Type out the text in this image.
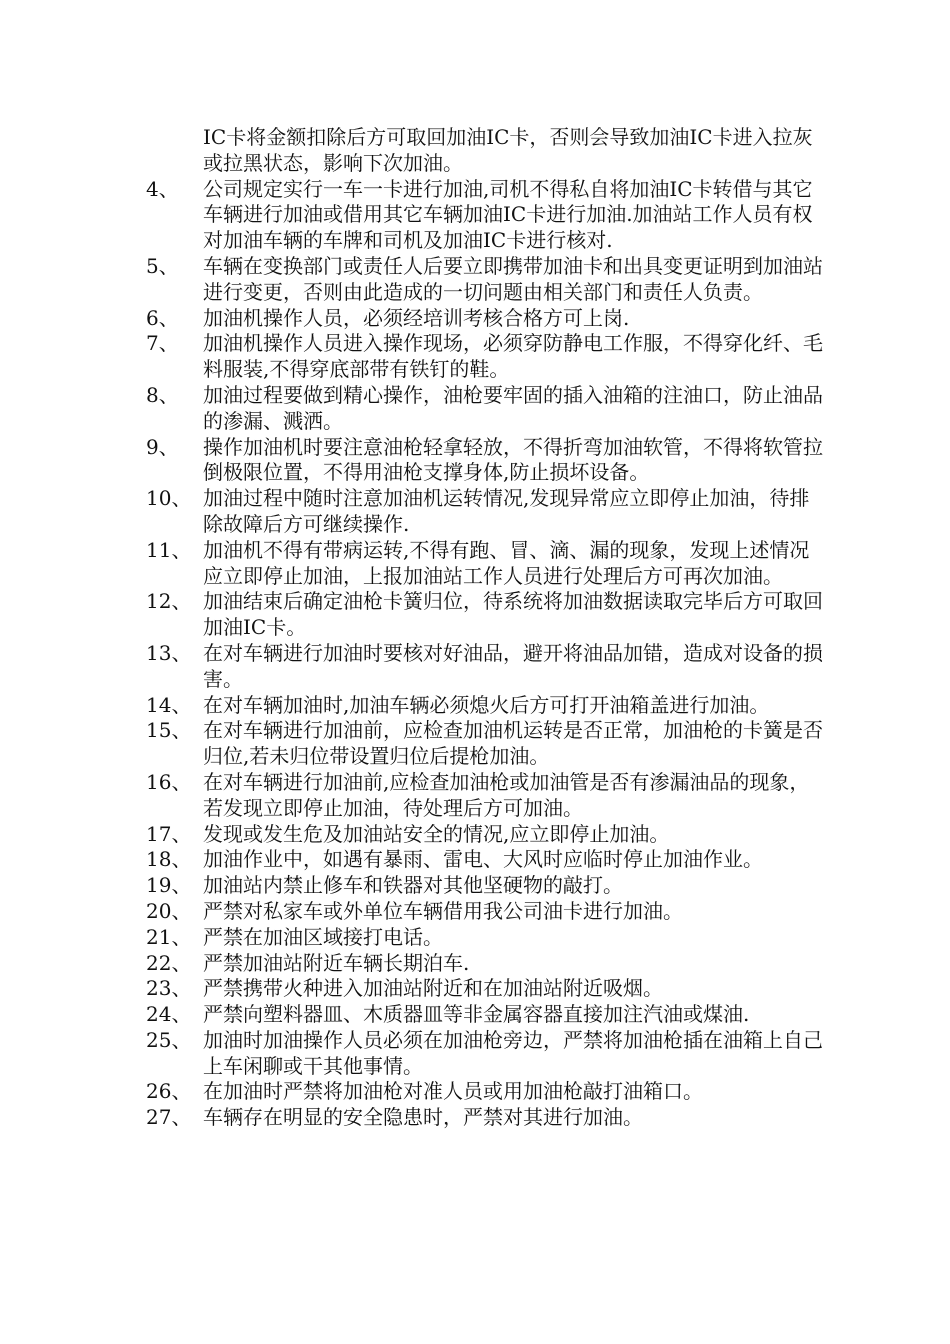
IC卡将金额扣除后方可取回加油IC卡，否则会导致加油IC卡进入拉灰或拉黑状态，影响下次加油。
4、	公司规定实行一车一卡进行加油,司机不得私自将加油IC卡转借与其它车辆进行加油或借用其它车辆加油IC卡进行加油.加油站工作人员有权对加油车辆的车牌和司机及加油IC卡进行核对.
5、	车辆在变换部门或责任人后要立即携带加油卡和出具变更证明到加油站进行变更，否则由此造成的一切问题由相关部门和责任人负责。
6、	加油机操作人员，必须经培训考核合格方可上岗.
7、	加油机操作人员进入操作现场，必须穿防静电工作服，不得穿化纤、毛料服装,不得穿底部带有铁钉的鞋。
8、	加油过程要做到精心操作，油枪要牢固的插入油箱的注油口，防止油品的渗漏、溅洒。
9、	操作加油机时要注意油枪轻拿轻放，不得折弯加油软管，不得将软管拉倒极限位置，不得用油枪支撑身体,防止损坏设备。
10、 加油过程中随时注意加油机运转情况,发现异常应立即停止加油，待排除故障后方可继续操作.
11、 加油机不得有带病运转,不得有跑、冒、滴、漏的现象，发现上述情况应立即停止加油，上报加油站工作人员进行处理后方可再次加油。
12、 加油结束后确定油枪卡簧归位，待系统将加油数据读取完毕后方可取回加油IC卡。
13、 在对车辆进行加油时要核对好油品，避开将油品加错，造成对设备的损害。
14、 在对车辆加油时,加油车辆必须熄火后方可打开油箱盖进行加油。
15、 在对车辆进行加油前，应检查加油机运转是否正常，加油枪的卡簧是否归位,若未归位带设置归位后提枪加油。
16、 在对车辆进行加油前,应检查加油枪或加油管是否有渗漏油品的现象，若发现立即停止加油，待处理后方可加油。
17、 发现或发生危及加油站安全的情况,应立即停止加油。
18、 加油作业中，如遇有暴雨、雷电、大风时应临时停止加油作业。
19、 加油站内禁止修车和铁器对其他坚硬物的敲打。
20、 严禁对私家车或外单位车辆借用我公司油卡进行加油。
21、 严禁在加油区域接打电话。
22、 严禁加油站附近车辆长期泊车.
23、 严禁携带火种进入加油站附近和在加油站附近吸烟。
24、 严禁向塑料器皿、木质器皿等非金属容器直接加注汽油或煤油.
25、 加油时加油操作人员必须在加油枪旁边，严禁将加油枪插在油箱上自己上车闲聊或干其他事情。
26、 在加油时严禁将加油枪对准人员或用加油枪敲打油箱口。
27、 车辆存在明显的安全隐患时，严禁对其进行加油。
